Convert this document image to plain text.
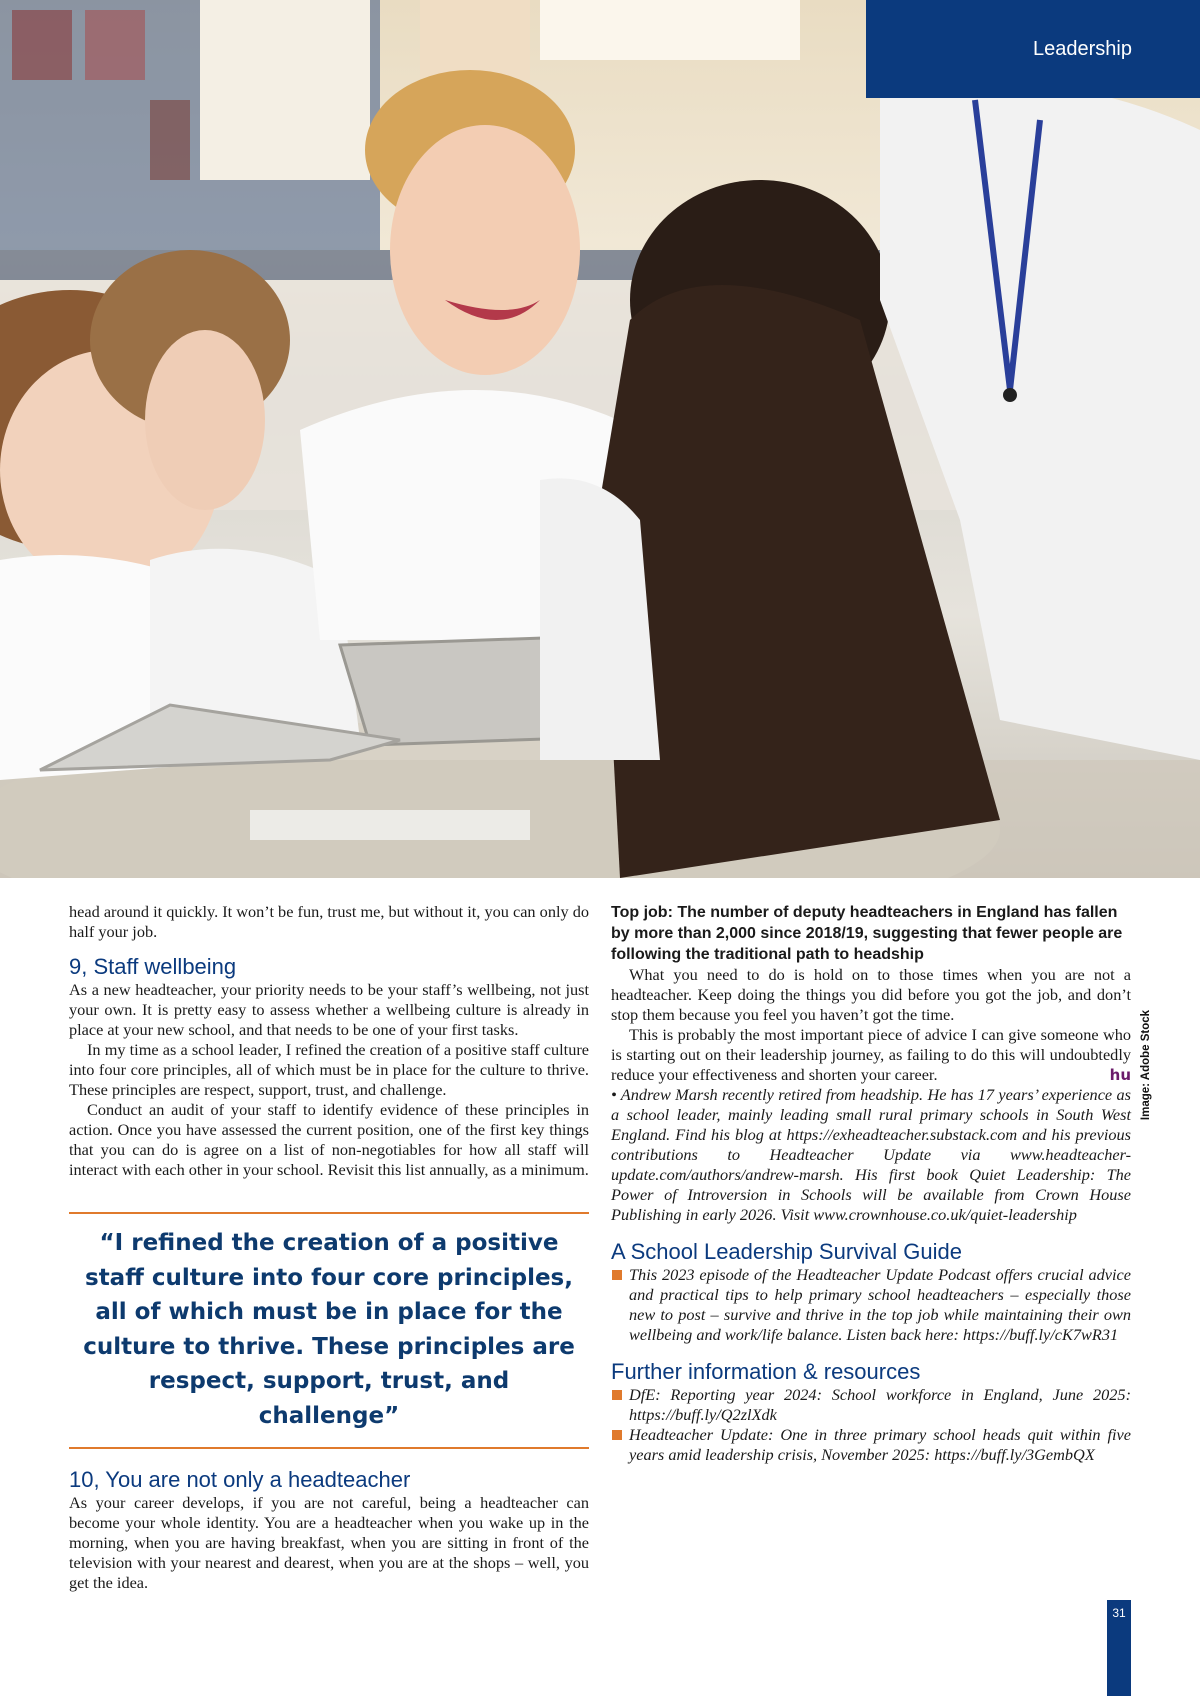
Leadership
Image: Adobe Stock

head around it quickly. It won’t be fun, trust me, but without it, you can only do half your job.

9, Staff wellbeing

As a new headteacher, your priority needs to be your staff’s wellbeing, not just your own. It is pretty easy to assess whether a wellbeing culture is already in place at your new school, and that needs to be one of your first tasks.

In my time as a school leader, I refined the creation of a positive staff culture into four core principles, all of which must be in place for the culture to thrive. These principles are respect, support, trust, and challenge.

Conduct an audit of your staff to identify evidence of these principles in action. Once you have assessed the current position, one of the first key things that you can do is agree on a list of non-negotiables for how all staff will interact with each other in your school. Revisit this list annually, as a minimum.

“I refined the creation of a positive staff culture into four core principles, all of which must be in place for the culture to thrive. These principles are respect, support, trust, and challenge”
10, You are not only a headteacher

As your career develops, if you are not careful, being a headteacher can become your whole identity. You are a headteacher when you wake up in the morning, when you are having breakfast, when you are sitting in front of the television with your nearest and dearest, when you are at the shops – well, you get the idea.

Top job: The number of deputy headteachers in England has fallen by more than 2,000 since 2018/19, suggesting that fewer people are following the traditional path to headship

What you need to do is hold on to those times when you are not a headteacher. Keep doing the things you did before you got the job, and don’t stop them because you feel you haven’t got the time.

This is probably the most important piece of advice I can give someone who is starting out on their leadership journey, as failing to do this will undoubtedly reduce your effectiveness and shorten your career.	hu

• Andrew Marsh recently retired from headship. He has 17 years’ experience as a school leader, mainly leading small rural primary schools in South West England. Find his blog at https://exheadteacher.substack.com and his previous contributions to Headteacher Update via www.headteacher-update.com/authors/andrew-marsh. His first book Quiet Leadership: The Power of Introversion in Schools will be available from Crown House Publishing in early 2026. Visit www.crownhouse.co.uk/quiet-leadership

A School Leadership Survival Guide
This 2023 episode of the Headteacher Update Podcast offers crucial advice and practical tips to help primary school headteachers – especially those new to post – survive and thrive in the top job while maintaining their own wellbeing and work/life balance. Listen back here: https://buff.ly/cK7wR31
Further information & resources
DfE: Reporting year 2024: School workforce in England, June 2025: https://buff.ly/Q2zlXdk
Headteacher Update: One in three primary school heads quit within five years amid leadership crisis, November 2025: https://buff.ly/3GembQX
31
